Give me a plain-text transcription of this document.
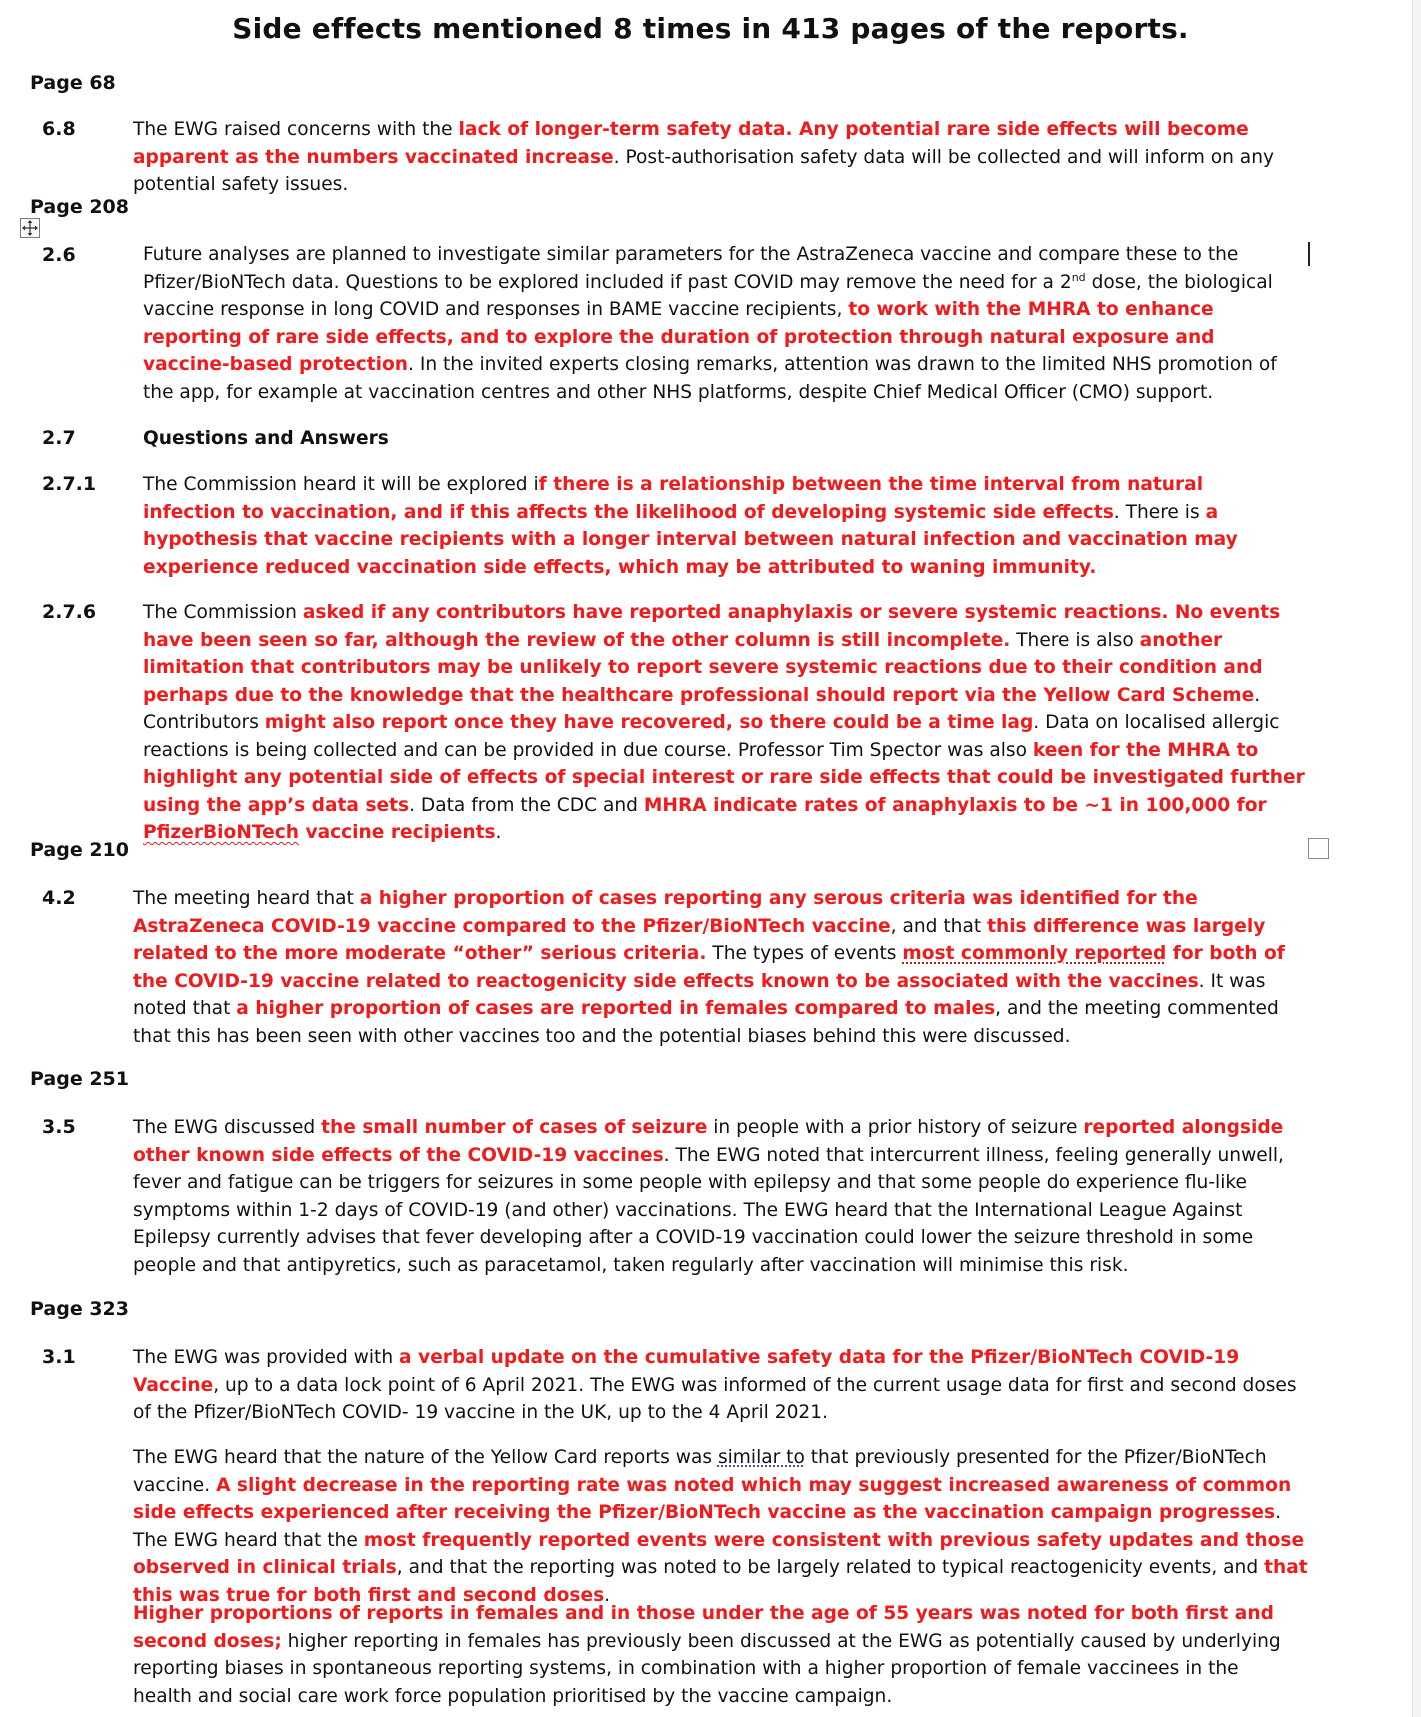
Side effects mentioned 8 times in 413 pages of the reports.
Page 68
6.8	The EWG raised concerns with the lack of longer-term safety data. Any potential rare side effects will become apparent as the numbers vaccinated increase. Post-authorisation safety data will be collected and will inform on any potential safety issues.
Page 208
2.6	Future analyses are planned to investigate similar parameters for the AstraZeneca vaccine and compare these to the Pfizer/BioNTech data. Questions to be explored included if past COVID may remove the need for a 2nd dose, the biological vaccine response in long COVID and responses in BAME vaccine recipients, to work with the MHRA to enhance reporting of rare side effects, and to explore the duration of protection through natural exposure and vaccine-based protection. In the invited experts closing remarks, attention was drawn to the limited NHS promotion of the app, for example at vaccination centres and other NHS platforms, despite Chief Medical Officer (CMO) support.
2.7	Questions and Answers
2.7.1	The Commission heard it will be explored if there is a relationship between the time interval from natural infection to vaccination, and if this affects the likelihood of developing systemic side effects. There is a hypothesis that vaccine recipients with a longer interval between natural infection and vaccination may experience reduced vaccination side effects, which may be attributed to waning immunity.
2.7.6	The Commission asked if any contributors have reported anaphylaxis or severe systemic reactions. No events have been seen so far, although the review of the other column is still incomplete. There is also another limitation that contributors may be unlikely to report severe systemic reactions due to their condition and perhaps due to the knowledge that the healthcare professional should report via the Yellow Card Scheme. Contributors might also report once they have recovered, so there could be a time lag. Data on localised allergic reactions is being collected and can be provided in due course. Professor Tim Spector was also keen for the MHRA to highlight any potential side of effects of special interest or rare side effects that could be investigated further using the app’s data sets. Data from the CDC and MHRA indicate rates of anaphylaxis to be ~1 in 100,000 for PfizerBioNTech vaccine recipients.
Page 210
4.2	The meeting heard that a higher proportion of cases reporting any serous criteria was identified for the AstraZeneca COVID-19 vaccine compared to the Pfizer/BioNTech vaccine, and that this difference was largely related to the more moderate “other” serious criteria. The types of events most commonly reported for both of the COVID-19 vaccine related to reactogenicity side effects known to be associated with the vaccines. It was noted that a higher proportion of cases are reported in females compared to males, and the meeting commented that this has been seen with other vaccines too and the potential biases behind this were discussed.
Page 251
3.5	The EWG discussed the small number of cases of seizure in people with a prior history of seizure reported alongside other known side effects of the COVID-19 vaccines. The EWG noted that intercurrent illness, feeling generally unwell, fever and fatigue can be triggers for seizures in some people with epilepsy and that some people do experience flu-like symptoms within 1-2 days of COVID-19 (and other) vaccinations. The EWG heard that the International League Against Epilepsy currently advises that fever developing after a COVID-19 vaccination could lower the seizure threshold in some people and that antipyretics, such as paracetamol, taken regularly after vaccination will minimise this risk.
Page 323
3.1	The EWG was provided with a verbal update on the cumulative safety data for the Pfizer/BioNTech COVID-19 Vaccine, up to a data lock point of 6 April 2021. The EWG was informed of the current usage data for first and second doses of the Pfizer/BioNTech COVID- 19 vaccine in the UK, up to the 4 April 2021.
The EWG heard that the nature of the Yellow Card reports was similar to that previously presented for the Pfizer/BioNTech vaccine. A slight decrease in the reporting rate was noted which may suggest increased awareness of common side effects experienced after receiving the Pfizer/BioNTech vaccine as the vaccination campaign progresses. The EWG heard that the most frequently reported events were consistent with previous safety updates and those observed in clinical trials, and that the reporting was noted to be largely related to typical reactogenicity events, and that this was true for both first and second doses.
Higher proportions of reports in females and in those under the age of 55 years was noted for both first and second doses; higher reporting in females has previously been discussed at the EWG as potentially caused by underlying reporting biases in spontaneous reporting systems, in combination with a higher proportion of female vaccinees in the health and social care work force population prioritised by the vaccine campaign.
